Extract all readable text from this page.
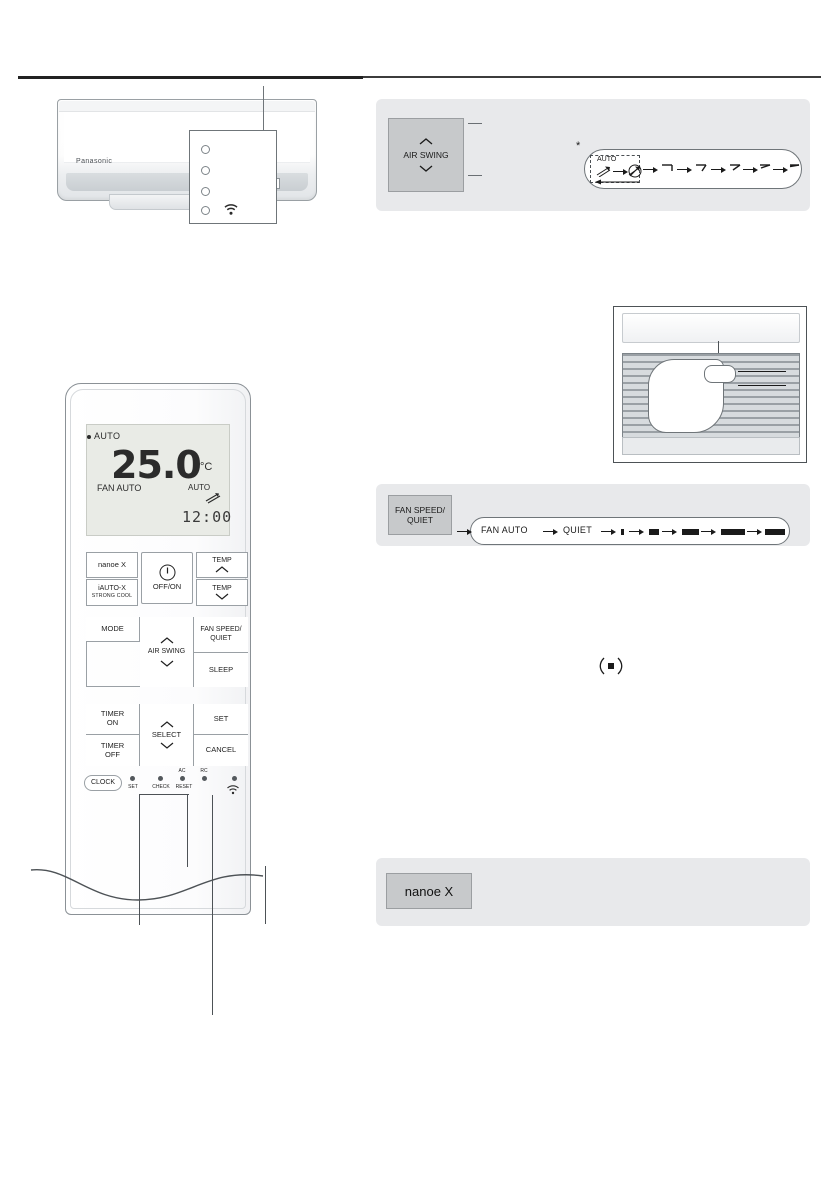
Panasonic
AUTO
25.0 °C
FAN AUTO	AUTO
12:00
nanoe X
OFF/ON
TEMP
iAUTO-X
STRONG COOL
TEMP
MODE
AIR SWING
FAN SPEED/
QUIET
SLEEP
TIMER
ON
TIMER
OFF
SELECT
SET
CANCEL
CLOCK
SET	CHECK
AC
RESET
RC
AIR SWING
*
AUTO
FAN SPEED/
QUIET
FAN AUTO	QUIET
nanoe X
